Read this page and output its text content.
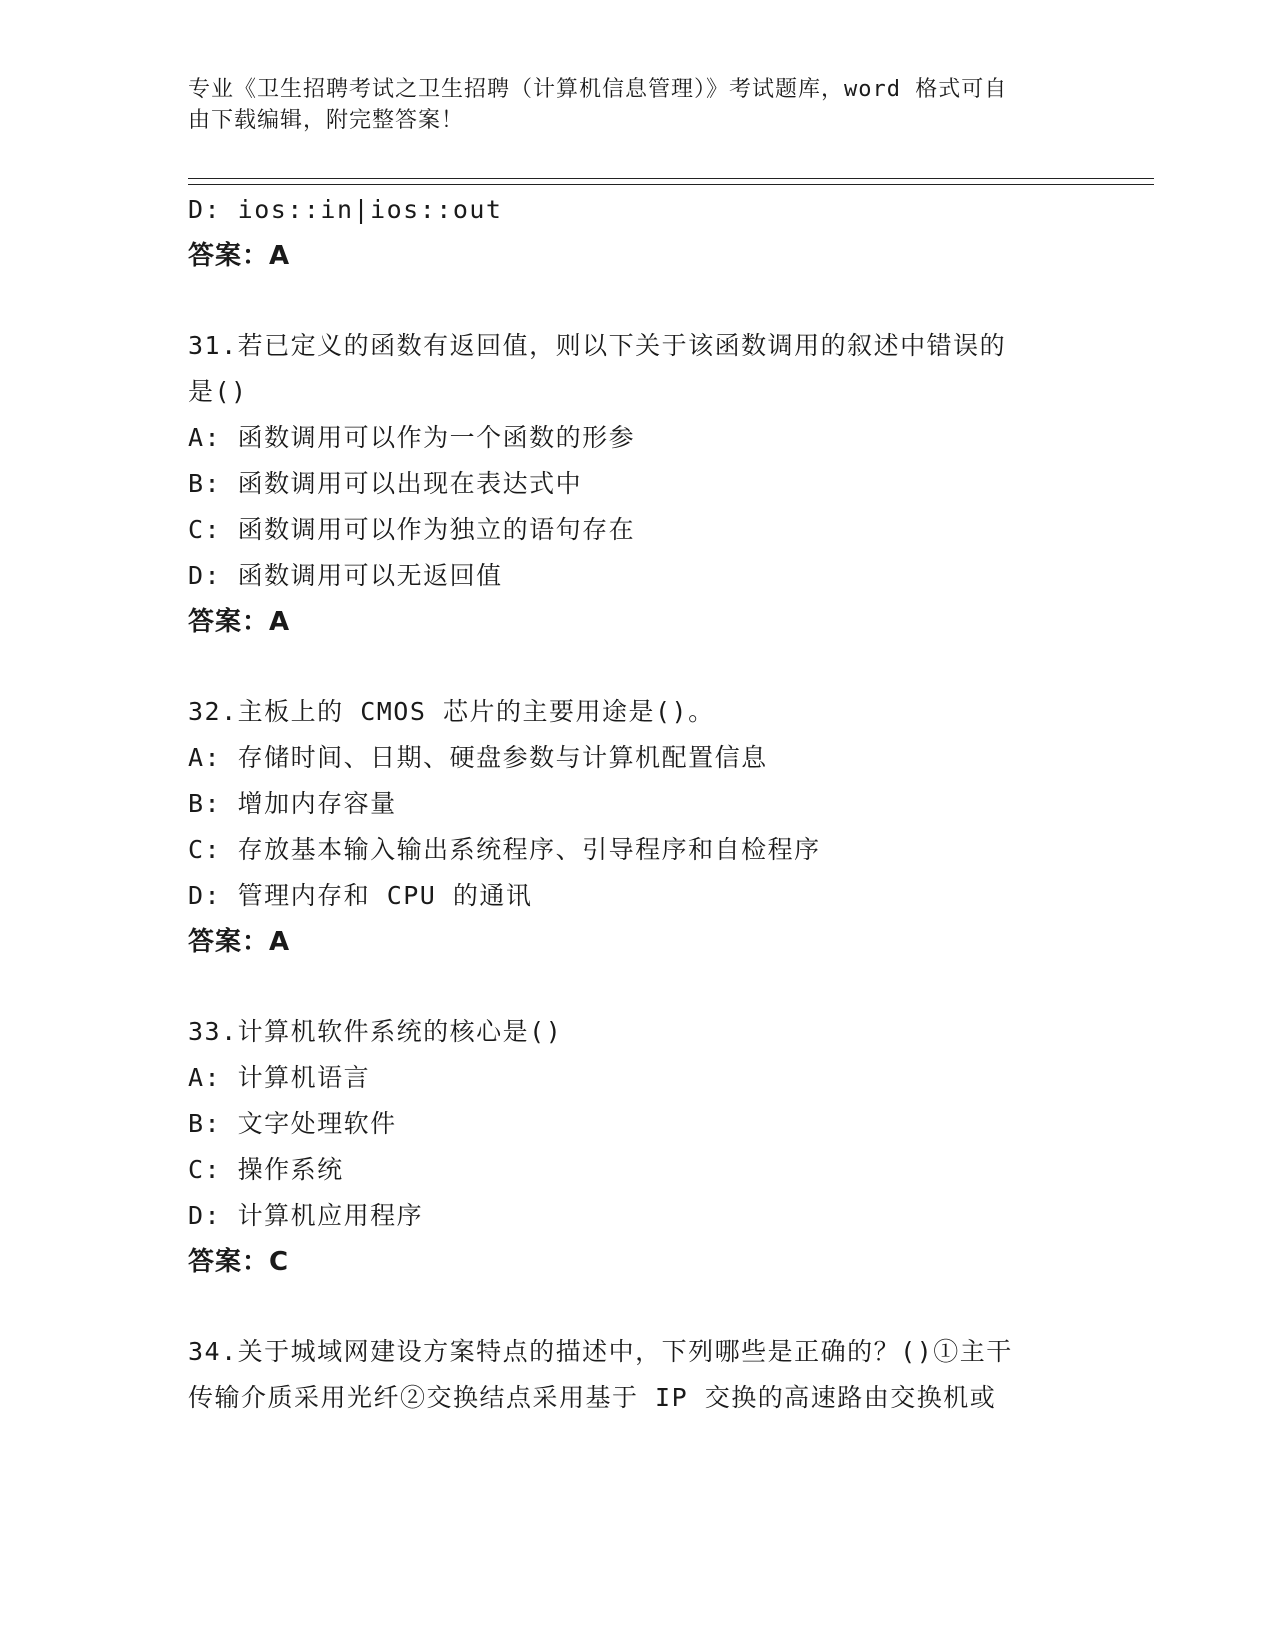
专业《卫生招聘考试之卫生招聘（计算机信息管理）》考试题库，word 格式可自
由下载编辑，附完整答案！
D: ios::in|ios::out
答案：A
31.若已定义的函数有返回值，则以下关于该函数调用的叙述中错误的
是()
A: 函数调用可以作为一个函数的形参
B: 函数调用可以出现在表达式中
C: 函数调用可以作为独立的语句存在
D: 函数调用可以无返回值
答案：A
32.主板上的 CMOS 芯片的主要用途是()。
A: 存储时间、日期、硬盘参数与计算机配置信息
B: 增加内存容量
C: 存放基本输入输出系统程序、引导程序和自检程序
D: 管理内存和 CPU 的通讯
答案：A
33.计算机软件系统的核心是()
A: 计算机语言
B: 文字处理软件
C: 操作系统
D: 计算机应用程序
答案：C
34.关于城域网建设方案特点的描述中，下列哪些是正确的？()①主干
传输介质采用光纤②交换结点采用基于 IP 交换的高速路由交换机或
